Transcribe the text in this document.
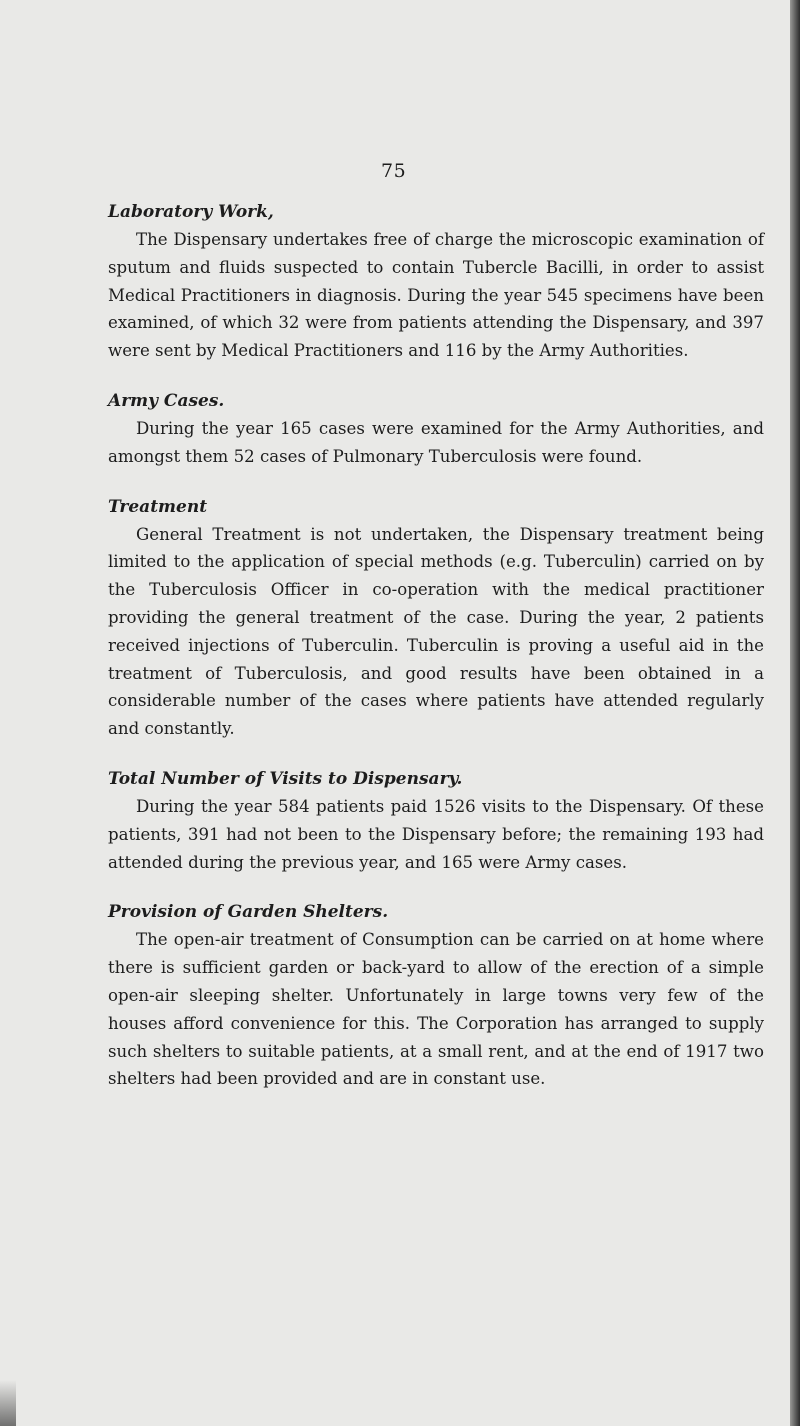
75

Laboratory Work,

The Dispensary undertakes free of charge the microscopic examination of sputum and fluids suspected to contain Tubercle Bacilli, in order to assist Medical Practitioners in diagnosis. During the year 545 specimens have been examined, of which 32 were from patients attending the Dispensary, and 397 were sent by Medical Practitioners and 116 by the Army Authorities.

Army Cases.

During the year 165 cases were examined for the Army Authorities, and amongst them 52 cases of Pulmonary Tuberculosis were found.

Treatment

General Treatment is not undertaken, the Dispensary treatment being limited to the application of special methods (e.g. Tuberculin) carried on by the Tuberculosis Officer in co-operation with the medical practitioner providing the general treatment of the case. During the year, 2 patients received injections of Tuberculin. Tuberculin is proving a useful aid in the treatment of Tuberculosis, and good results have been obtained in a considerable number of the cases where patients have attended regularly and constantly.

Total Number of Visits to Dispensary.

During the year 584 patients paid 1526 visits to the Dispensary. Of these patients, 391 had not been to the Dispensary before; the remaining 193 had attended during the previous year, and 165 were Army cases.

Provision of Garden Shelters.

The open-air treatment of Consumption can be carried on at home where there is sufficient garden or back-yard to allow of the erection of a simple open-air sleeping shelter. Unfortunately in large towns very few of the houses afford convenience for this. The Corporation has arranged to supply such shelters to suitable patients, at a small rent, and at the end of 1917 two shelters had been provided and are in constant use.
